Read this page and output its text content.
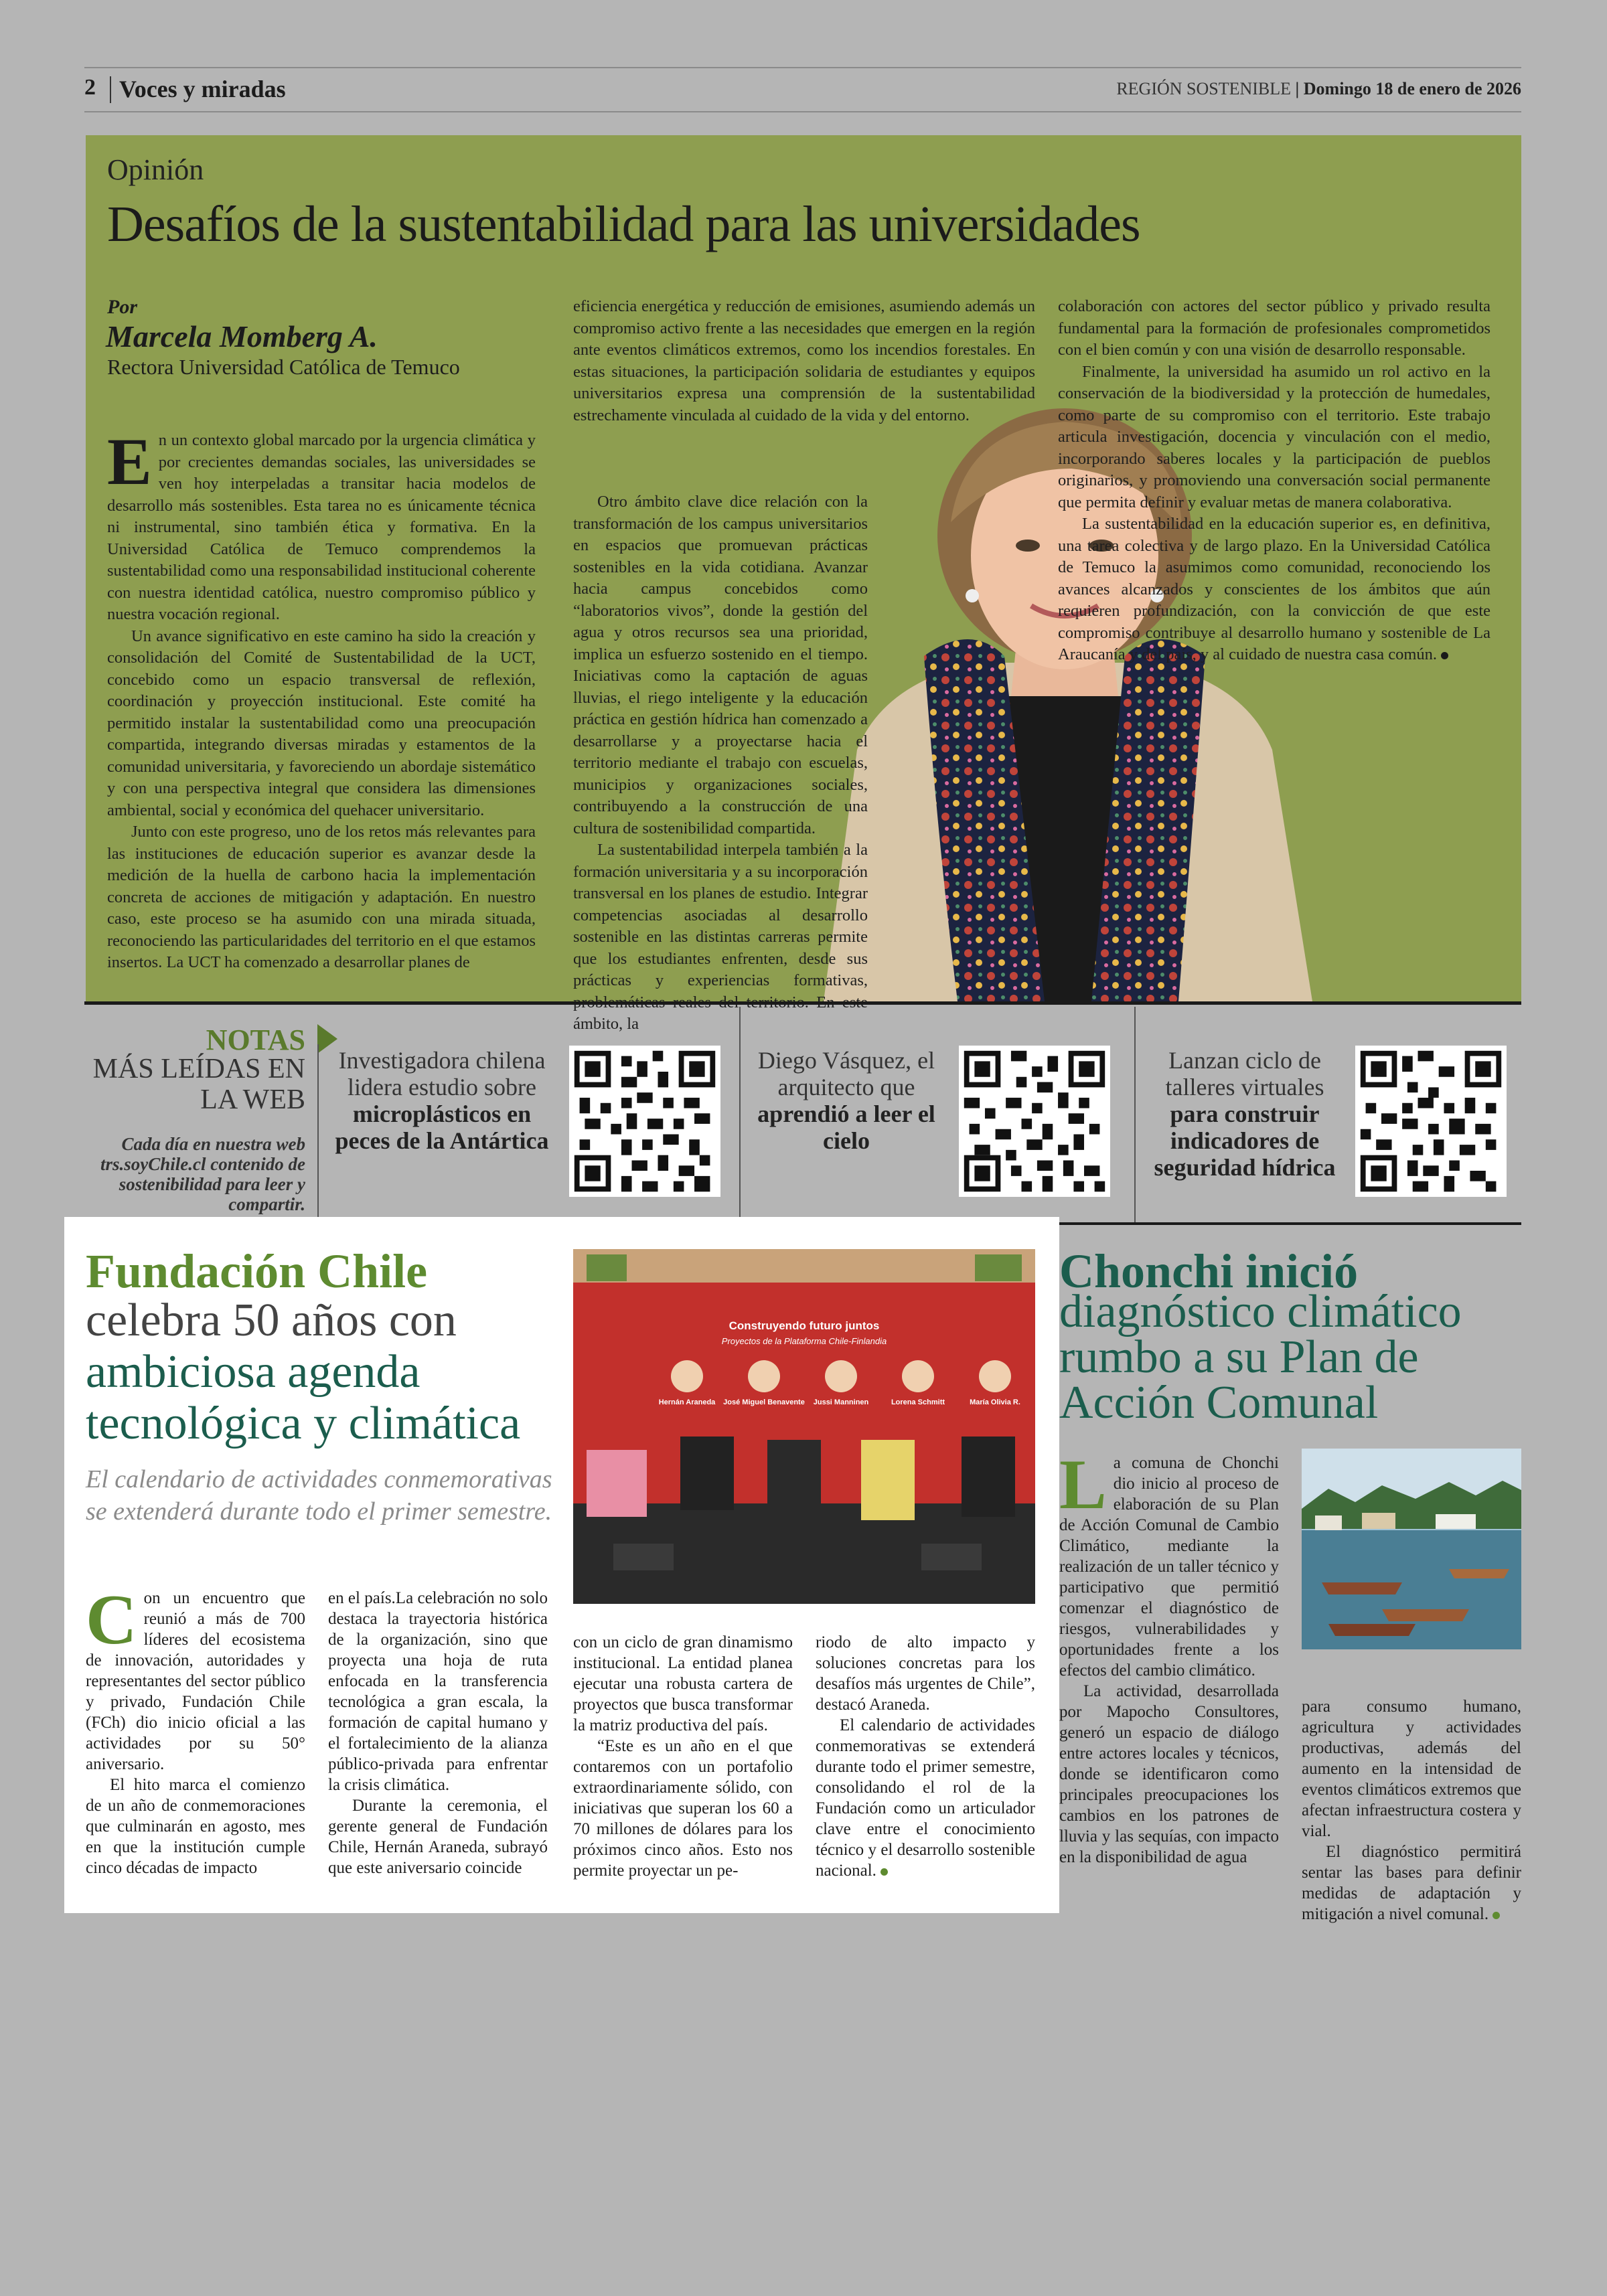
2 Voces y miradas	REGIÓN SOSTENIBLE | Domingo 18 de enero de 2026
Opinión
Desafíos de la sustentabilidad para las universidades
Por
Marcela Momberg A.
Rectora Universidad Católica de Temuco

En un contexto global marcado por la urgencia climática y por crecientes demandas sociales, las universidades se ven hoy interpeladas a transitar hacia modelos de desarrollo más sostenibles. Esta tarea no es únicamente técnica ni instrumental, sino también ética y formativa. En la Universidad Católica de Temuco comprendemos la sustentabilidad como una responsabilidad institucional coherente con nuestra identidad católica, nuestro compromiso público y nuestra vocación regional.

Un avance significativo en este camino ha sido la creación y consolidación del Comité de Sustentabilidad de la UCT, concebido como un espacio transversal de reflexión, coordinación y proyección institucional. Este comité ha permitido instalar la sustentabilidad como una preocupación compartida, integrando diversas miradas y estamentos de la comunidad universitaria, y favoreciendo un abordaje sistemático y con una perspectiva integral que considera las dimensiones ambiental, social y económica del quehacer universitario.

Junto con este progreso, uno de los retos más relevantes para las instituciones de educación superior es avanzar desde la medición de la huella de carbono hacia la implementación concreta de acciones de mitigación y adaptación. En nuestro caso, este proceso se ha asumido con una mirada situada, reconociendo las particularidades del territorio en el que estamos insertos. La UCT ha comenzado a desarrollar planes de

eficiencia energética y reducción de emisiones, asumiendo además un compromiso activo frente a las necesidades que emergen en la región ante eventos climáticos extremos, como los incendios forestales. En estas situaciones, la participación solidaria de estudiantes y equipos universitarios expresa una comprensión de la sustentabilidad estrechamente vinculada al cuidado de la vida y del entorno.

Otro ámbito clave dice relación con la transformación de los campus universitarios en espacios que promuevan prácticas sostenibles en la vida cotidiana. Avanzar hacia campus concebidos como “laboratorios vivos”, donde la gestión del agua y otros recursos sea una prioridad, implica un esfuerzo sostenido en el tiempo. Iniciativas como la captación de aguas lluvias, el riego inteligente y la educación práctica en gestión hídrica han comenzado a desarrollarse y a proyectarse hacia el territorio mediante el trabajo con escuelas, municipios y organizaciones sociales, contribuyendo a la construcción de una cultura de sostenibilidad compartida.

La sustentabilidad interpela también a la formación universitaria y a su incorporación transversal en los planes de estudio. Integrar competencias asociadas al desarrollo sostenible en las distintas carreras permite que los estudiantes enfrenten, desde sus prácticas y experiencias formativas, ámbito, la

colaboración con actores del sector público y privado resulta fundamental para la formación de profesionales comprometidos con el bien común y con una visión de desarrollo responsable.

Finalmente, la universidad ha asumido un rol activo en la conservación de la biodiversidad y la protección de humedales, como parte de su compromiso con el territorio. Este trabajo articula investigación, docencia y vinculación con el medio, incorporando saberes locales y la participación de pueblos originarios, y promoviendo una conversación social permanente que permita definir y evaluar metas de manera colaborativa.

La sustentabilidad en la educación superior es, en definitiva, una tarea colectiva y de largo plazo. En la Universidad Católica de Temuco la asumimos como comunidad, reconociendo los avances alcanzados y conscientes de los ámbitos que aún requieren profundización, con la convicción de que este compromiso contribuye al desarrollo humano y sostenible de La Araucanía y del país, y al cuidado de nuestra casa común.

NOTAS
MÁS LEÍDAS EN LA WEB
Cada día en nuestra web trs.soyChile.cl contenido de sostenibilidad para leer y compartir.
Investigadora chilena lidera estudio sobre
microplásticos en peces de la Antártica
Diego Vásquez, el arquitecto que
aprendió a leer el cielo
Lanzan ciclo de talleres virtuales
para construir indicadores de seguridad hídrica
Fundación Chile
celebra 50 años con
ambiciosa agenda tecnológica y climática
El calendario de actividades conmemorativas se extenderá durante todo el primer semestre.
Construyendo futuro juntos
Proyectos de la Plataforma Chile-Finlandia
Hernán Araneda José Miguel Benavente Jussi Manninen	Lorena Schmitt	María Olivia R.

Con un encuentro que reunió a más de 700 líderes del ecosistema de innovación, autoridades y representantes del sector público y privado, Fundación Chile (FCh) dio inicio oficial a las actividades por su 50° aniversario.

El hito marca el comienzo de un año de conmemoraciones que culminarán en agosto, mes en que la institución cumple cinco décadas de impacto

en el país.La celebración no solo destaca la trayectoria histórica de la organización, sino que proyecta una hoja de ruta enfocada en la transferencia tecnológica a gran escala, la formación de capital humano y el fortalecimiento de la alianza público-privada para enfrentar la crisis climática.

Durante la ceremonia, el gerente general de Fundación Chile, Hernán Araneda, subrayó que este aniversario coincide

con un ciclo de gran dinamismo institucional. La entidad planea ejecutar una robusta cartera de proyectos que busca transformar la matriz productiva del país.

“Este es un año en el que contaremos con un portafolio extraordinariamente sólido, con iniciativas que superan los 60 a 70 millones de dólares para los próximos cinco años. Esto nos permite proyectar un pe-

riodo de alto impacto y soluciones concretas para los desafíos más urgentes de Chile”, destacó Araneda.

El calendario de actividades conmemorativas se extenderá durante todo el primer semestre, consolidando el rol de la Fundación como un articulador clave entre el conocimiento técnico y el desarrollo sostenible nacional.

Chonchi inició
diagnóstico climático rumbo a su Plan de Acción Comunal

La comuna de Chonchi dio inicio al proceso de elaboración de su Plan de Acción Comunal de Cambio Climático, mediante la realización de un taller técnico y participativo que permitió comenzar el diagnóstico de riesgos, vulnerabilidades y oportunidades frente a los efectos del cambio climático.

La actividad, desarrollada por Mapocho Consultores, generó un espacio de diálogo entre actores locales y técnicos, donde se identificaron como principales preocupaciones los cambios en los patrones de lluvia y las sequías, con impacto en la disponibilidad de agua

para consumo humano, agricultura y actividades productivas, además del aumento en la intensidad de eventos climáticos extremos que afectan infraestructura costera y vial.

El diagnóstico permitirá sentar las bases para definir medidas de adaptación y mitigación a nivel comunal.
